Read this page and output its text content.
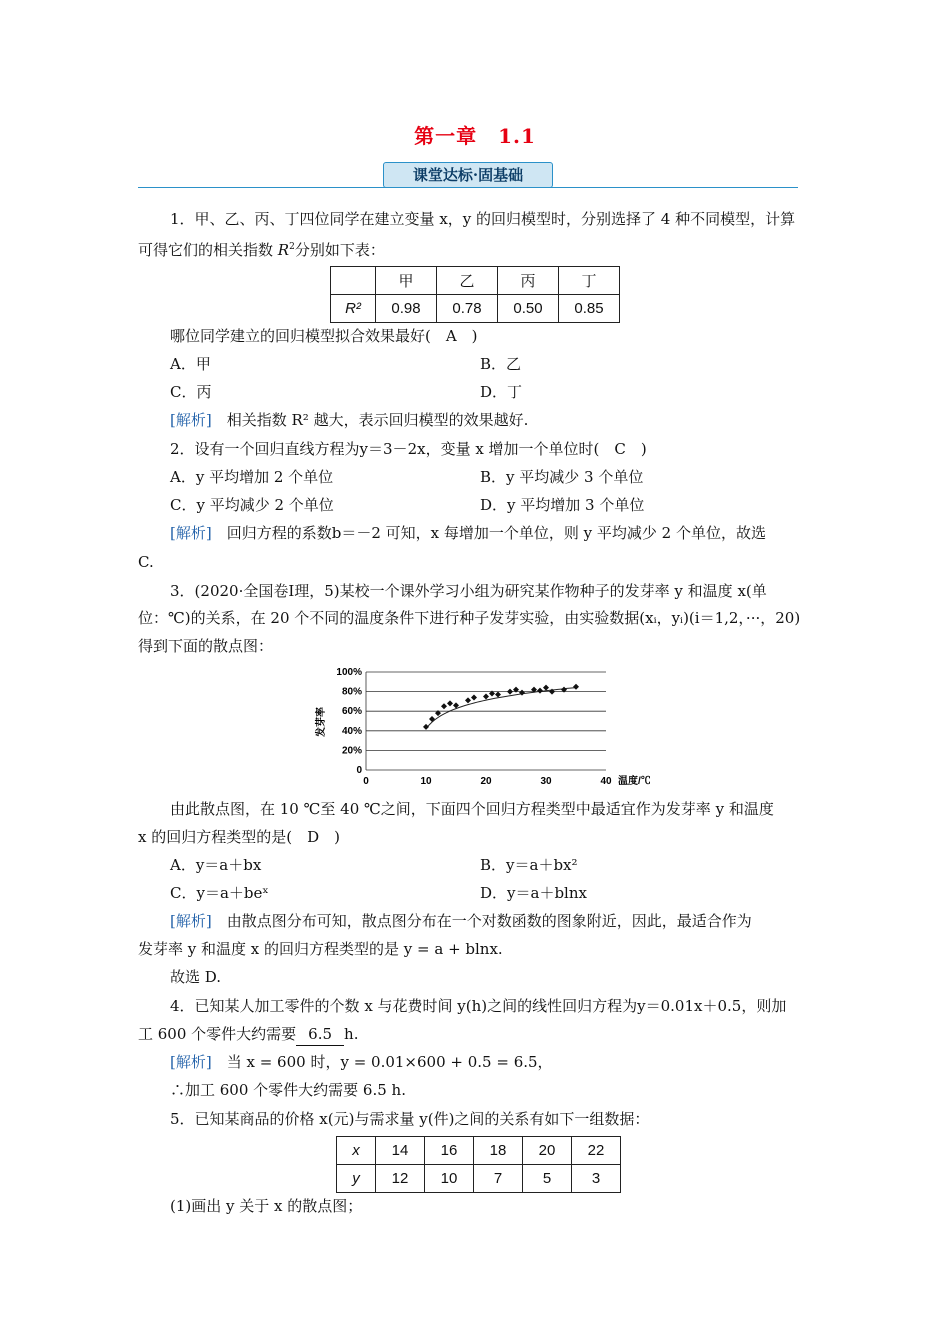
第一章　1.1
课堂达标·固基础
1．甲、乙、丙、丁四位同学在建立变量 x，y 的回归模型时，分别选择了 4 种不同模型，计算
可得它们的相关指数 $R^2$分别如下表：
	甲	乙	丙	丁
R²	0.98	0.78	0.50	0.85
哪位同学建立的回归模型拟合效果最好(　A　)
A．甲	B．乙
C．丙	D．丁
[解析]　相关指数 R² 越大，表示回归模型的效果越好.
2．设有一个回归直线方程为y＝3－2x，变量 x 增加一个单位时(　C　)
A．y 平均增加 2 个单位	B．y 平均减少 3 个单位
C．y 平均减少 2 个单位	D．y 平均增加 3 个单位
[解析]　回归方程的系数b＝－2 可知，x 每增加一个单位，则 y 平均减少 2 个单位，故选
C.
3．(2020·全国卷Ⅰ理，5)某校一个课外学习小组为研究某作物种子的发芽率 y 和温度 x(单
位：℃)的关系，在 20 个不同的温度条件下进行种子发芽实验，由实验数据(xᵢ，yᵢ)(i＝1,2，···，20)
得到下面的散点图：
0
20%
40%
60%
80%
100%
0	10	20	30	40
发芽率
温度/℃
由此散点图，在 10 ℃至 40 ℃之间，下面四个回归方程类型中最适宜作为发芽率 y 和温度
x 的回归方程类型的是(　D　)
A．y＝a＋bx	B．y＝a＋bx²
C．y＝a＋beˣ	D．y＝a＋blnx
[解析]　由散点图分布可知，散点图分布在一个对数函数的图象附近，因此，最适合作为
发芽率 y 和温度 x 的回归方程类型的是 y = a + blnx.
故选 D.
4．已知某人加工零件的个数 x 与花费时间 y(h)之间的线性回归方程为y＝0.01x＋0.5，则加
工 600 个零件大约需要 6.5 h.
[解析]　当 x = 600 时，y = 0.01×600 + 0.5 = 6.5，
∴加工 600 个零件大约需要 6.5 h.
5．已知某商品的价格 x(元)与需求量 y(件)之间的关系有如下一组数据：
x	14	16	18	20	22
y	12	10	7	5	3
(1)画出 y 关于 x 的散点图；
